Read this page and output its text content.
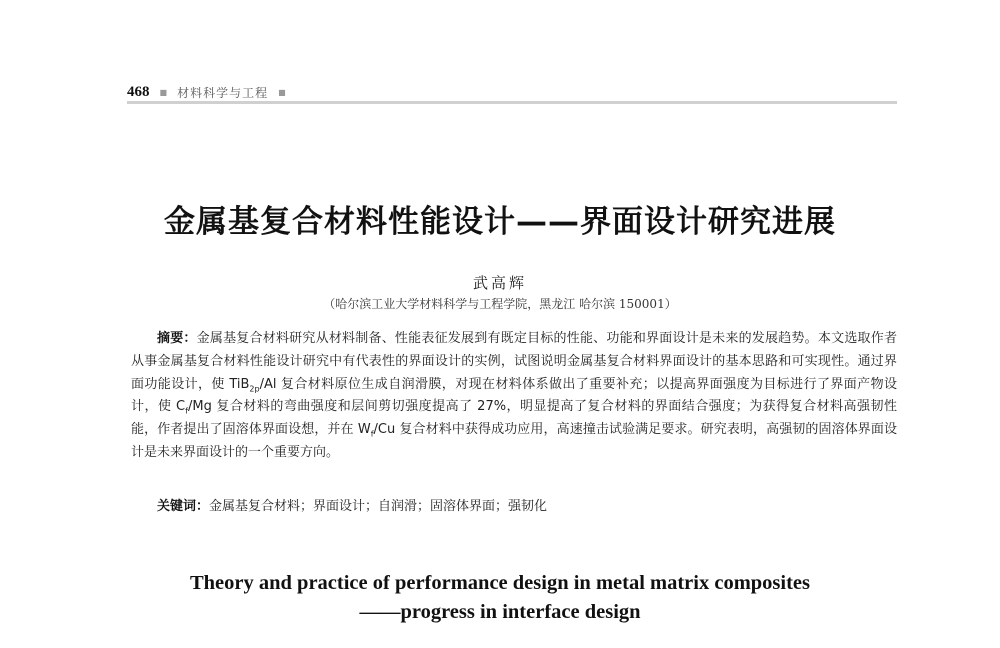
468 ■ 材料科学与工程 ■
金属基复合材料性能设计——界面设计研究进展
武高辉
（哈尔滨工业大学材料科学与工程学院，黑龙江 哈尔滨 150001）

摘要：金属基复合材料研究从材料制备、性能表征发展到有既定目标的性能、功能和界面设计是未来的发展趋势。本文选取作者从事金属基复合材料性能设计研究中有代表性的界面设计的实例，试图说明金属基复合材料界面设计的基本思路和可实现性。通过界面功能设计，使 TiB$_{2p}$/Al 复合材料原位生成自润滑膜，对现在材料体系做出了重要补充；以提高界面强度为目标进行了界面产物设计，使 $C_f/Mg$ 复合材料的弯曲强度和层间剪切强度提高了 27%，明显提高了复合材料的界面结合强度；为获得复合材料高强韧性能，作者提出了固溶体界面设想，并在 $W_f/Cu$ 复合材料中获得成功应用，高速撞击试验满足要求。研究表明，高强韧的固溶体界面设计是未来界面设计的一个重要方向。

关键词：金属基复合材料；界面设计；自润滑；固溶体界面；强韧化
Theory and practice of performance design in metal matrix composites
——progress in interface design
